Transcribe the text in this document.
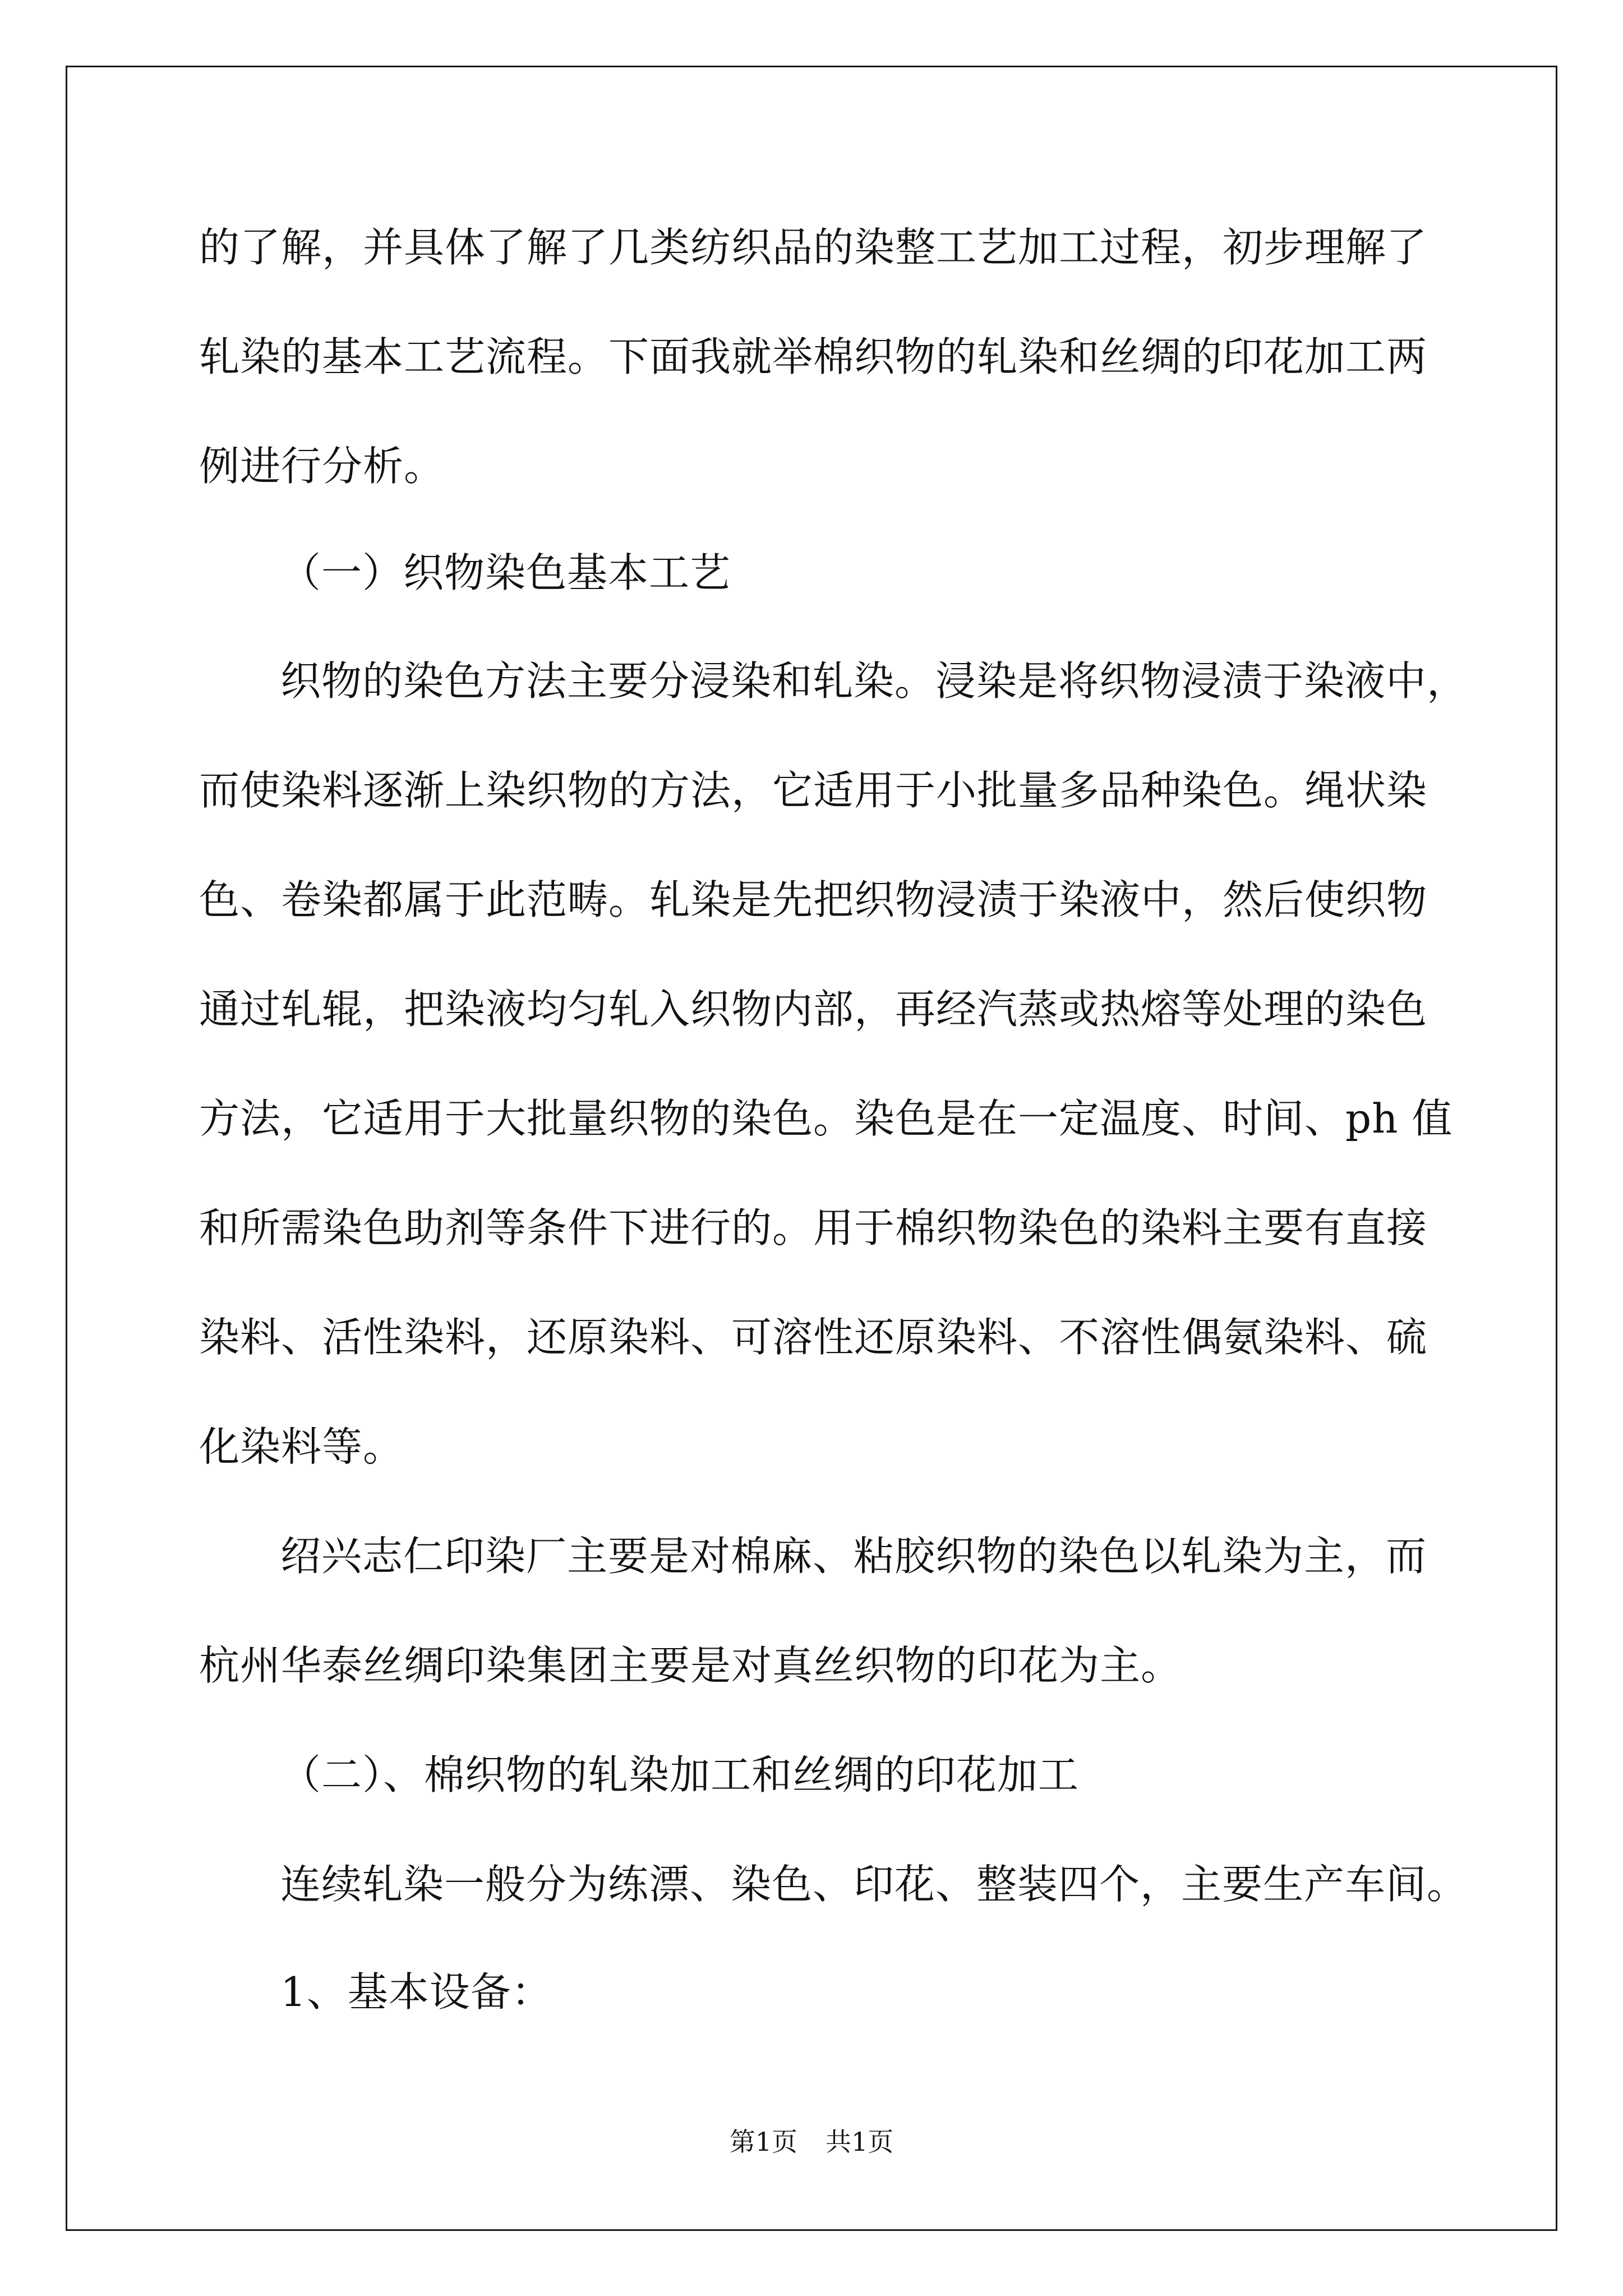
的了解，并具体了解了几类纺织品的染整工艺加工过程，初步理解了
轧染的基本工艺流程。下面我就举棉织物的轧染和丝绸的印花加工两
例进行分析。
（一）织物染色基本工艺
织物的染色方法主要分浸染和轧染。浸染是将织物浸渍于染液中，
而使染料逐渐上染织物的方法，它适用于小批量多品种染色。绳状染
色、卷染都属于此范畴。轧染是先把织物浸渍于染液中，然后使织物
通过轧辊，把染液均匀轧入织物内部，再经汽蒸或热熔等处理的染色
方法，它适用于大批量织物的染色。染色是在一定温度、时间、ph 值
和所需染色助剂等条件下进行的。用于棉织物染色的染料主要有直接
染料、活性染料，还原染料、可溶性还原染料、不溶性偶氨染料、硫
化染料等。
绍兴志仁印染厂主要是对棉麻、粘胶织物的染色以轧染为主，而
杭州华泰丝绸印染集团主要是对真丝织物的印花为主。
（二）、棉织物的轧染加工和丝绸的印花加工
连续轧染一般分为练漂、染色、印花、整装四个，主要生产车间。
1、基本设备：
第1页 共1页
